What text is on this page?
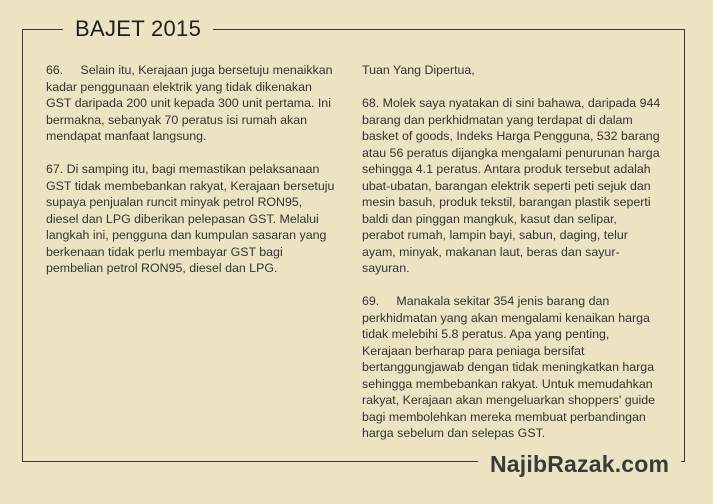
BAJET 2015

66.     Selain itu, Kerajaan juga bersetuju menaikkan kadar penggunaan elektrik yang tidak dikenakan GST daripada 200 unit kepada 300 unit pertama. Ini bermakna, sebanyak 70 peratus isi rumah akan mendapat manfaat langsung.

67. Di samping itu, bagi memastikan pelaksanaan GST tidak membebankan rakyat, Kerajaan bersetuju supaya penjualan runcit minyak petrol RON95, diesel dan LPG diberikan pelepasan GST. Melalui langkah ini, pengguna dan kumpulan sasaran yang berkenaan tidak perlu membayar GST bagi pembelian petrol RON95, diesel dan LPG.

Tuan Yang Dipertua,

68. Molek saya nyatakan di sini bahawa, daripada 944 barang dan perkhidmatan yang terdapat di dalam basket of goods, Indeks Harga Pengguna, 532 barang atau 56 peratus dijangka mengalami penurunan harga sehingga 4.1 peratus. Antara produk tersebut adalah ubat-ubatan, barangan elektrik seperti peti sejuk dan mesin basuh, produk tekstil, barangan plastik seperti baldi dan pinggan mangkuk, kasut dan selipar, perabot rumah, lampin bayi, sabun, daging, telur ayam, minyak, makanan laut, beras dan sayur-sayuran.

69.     Manakala sekitar 354 jenis barang dan perkhidmatan yang akan mengalami kenaikan harga tidak melebihi 5.8 peratus. Apa yang penting, Kerajaan berharap para peniaga bersifat bertanggungjawab dengan tidak meningkatkan harga sehingga membebankan rakyat. Untuk memudahkan rakyat, Kerajaan akan mengeluarkan shoppers' guide bagi membolehkan mereka membuat perbandingan harga sebelum dan selepas GST.

NajibRazak.com
